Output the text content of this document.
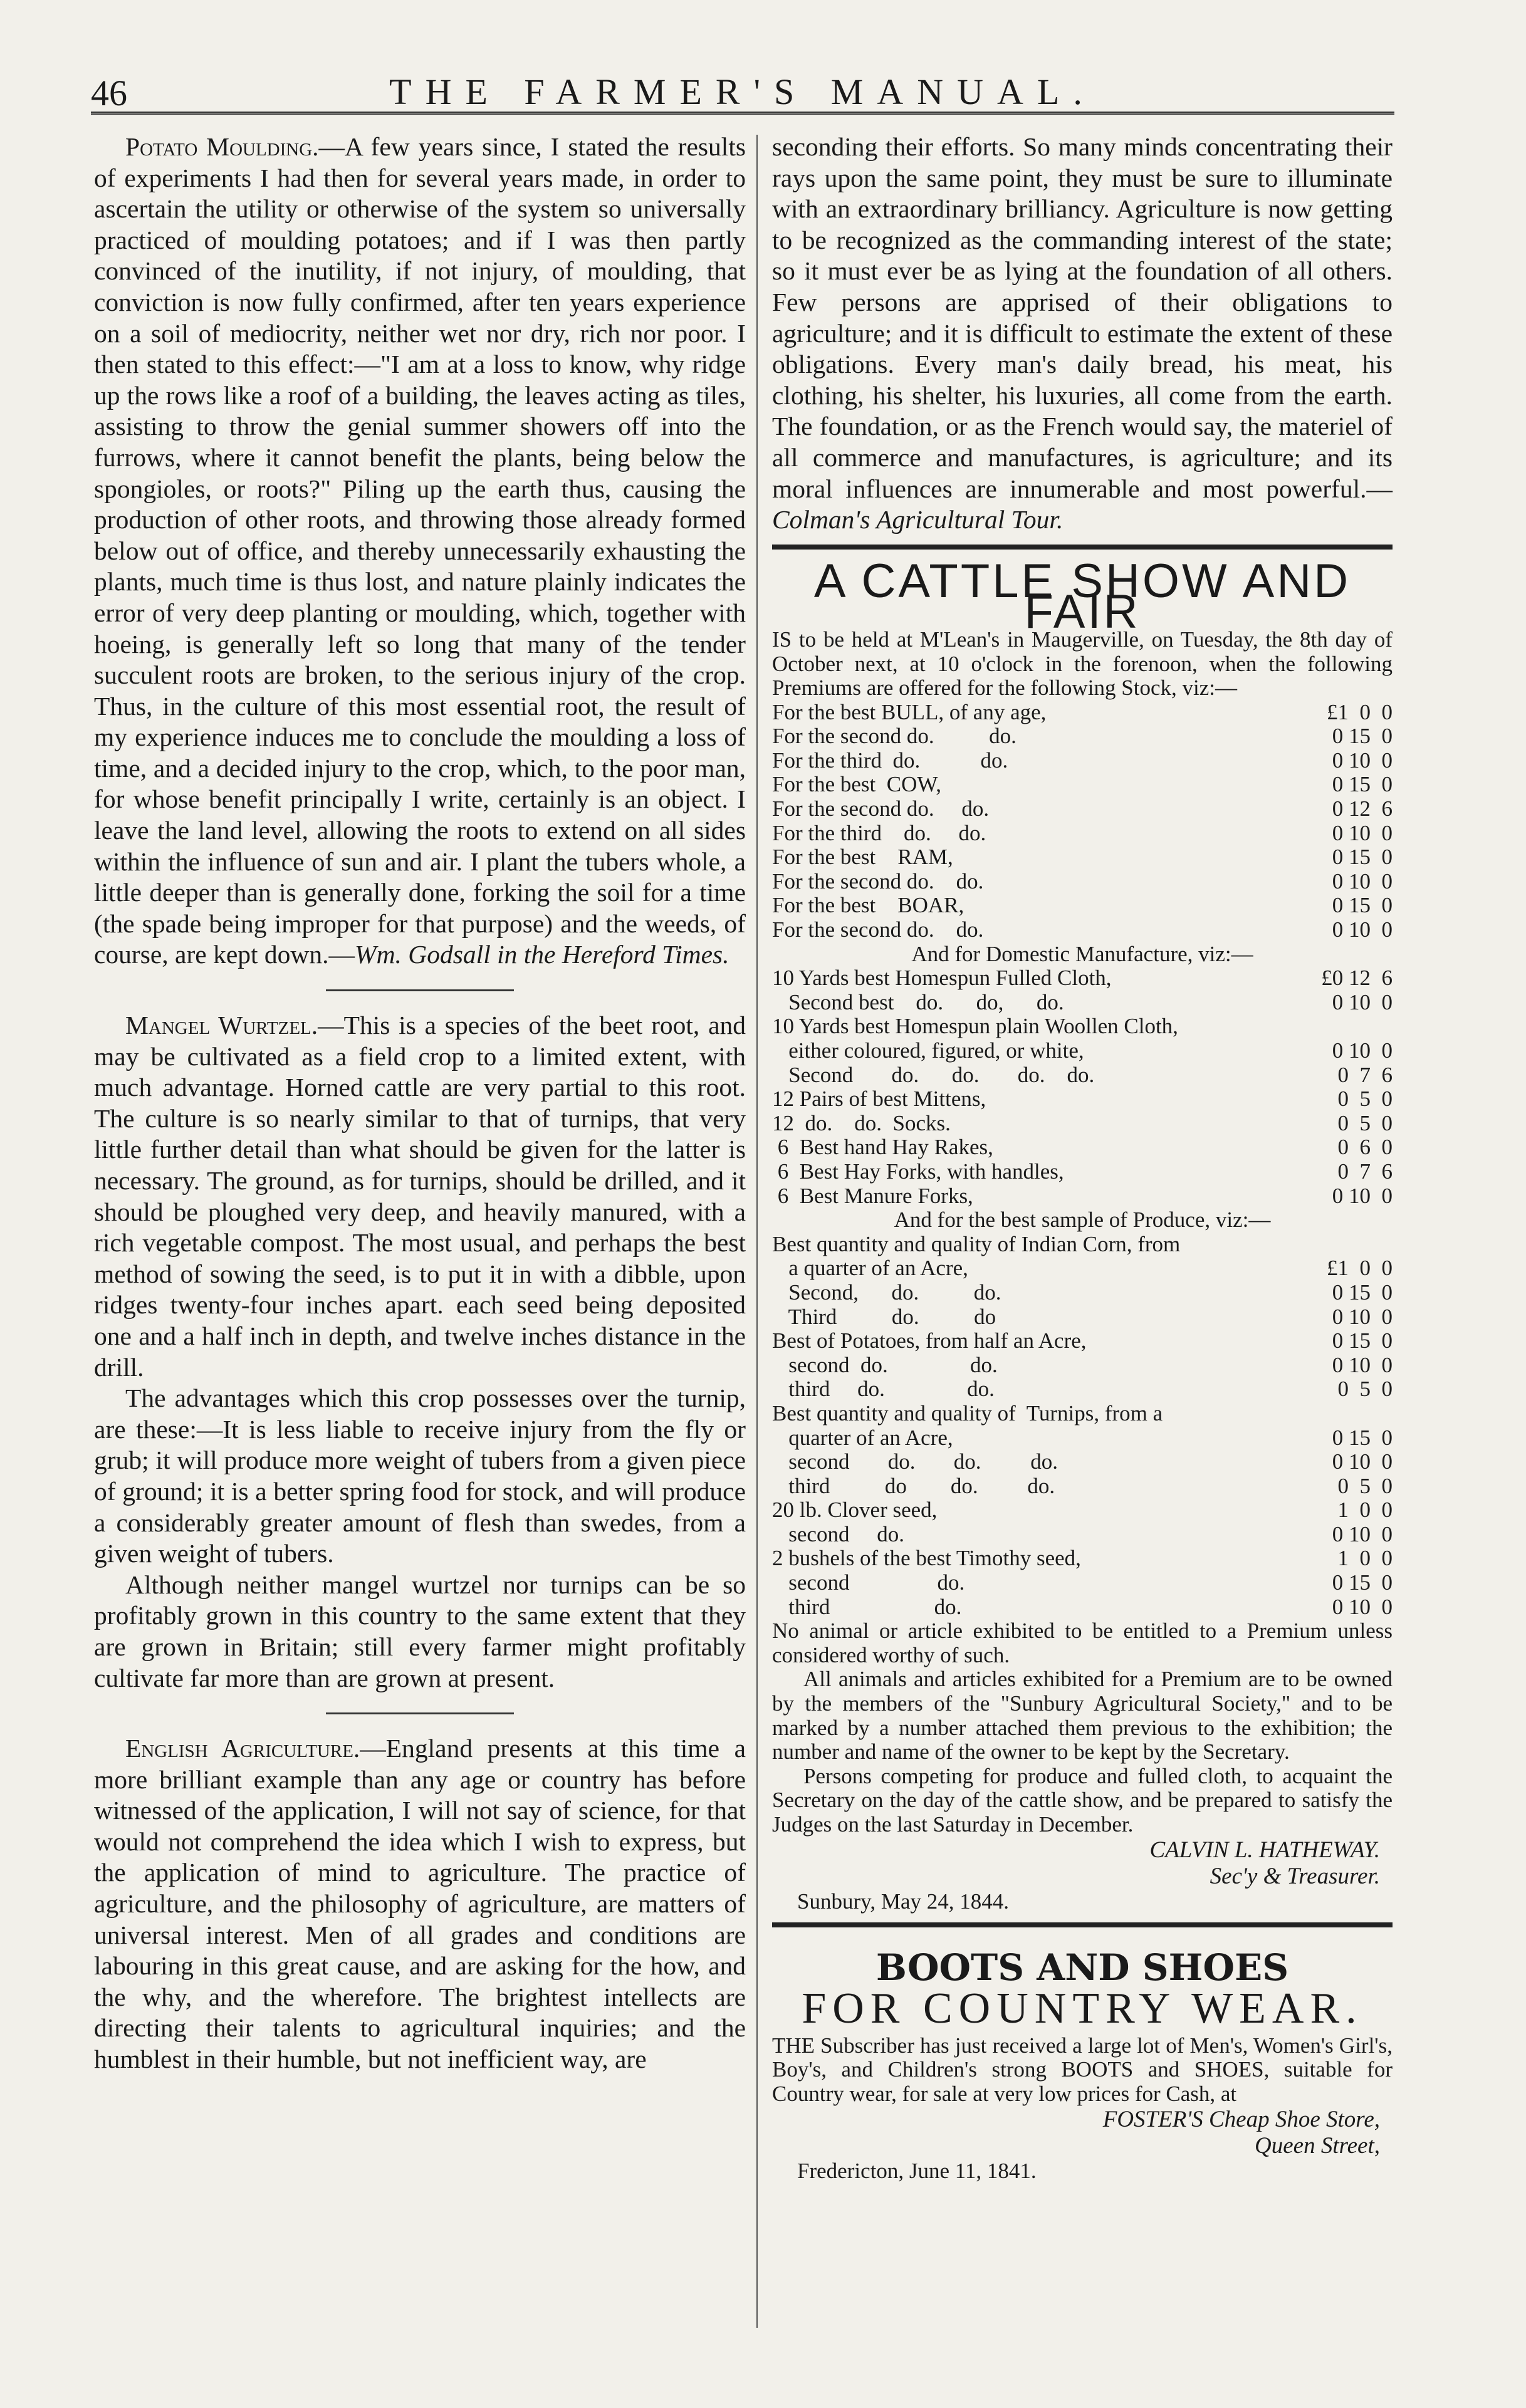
46	THE FARMER'S MANUAL.

Potato Moulding.—A few years since, I stated the results of experiments I had then for several years made, in order to ascertain the utility or otherwise of the system so universally practiced of moulding potatoes; and if I was then partly convinced of the inutility, if not injury, of moulding, that conviction is now fully confirmed, after ten years experience on a soil of mediocrity, neither wet nor dry, rich nor poor. I then stated to this effect:—"I am at a loss to know, why ridge up the rows like a roof of a building, the leaves acting as tiles, assisting to throw the genial summer showers off into the furrows, where it cannot benefit the plants, being below the spongioles, or roots?" Piling up the earth thus, causing the production of other roots, and throwing those already formed below out of office, and thereby unnecessarily exhausting the plants, much time is thus lost, and nature plainly indicates the error of very deep planting or moulding, which, together with hoeing, is generally left so long that many of the tender succulent roots are broken, to the serious injury of the crop. Thus, in the culture of this most essential root, the result of my experience induces me to conclude the moulding a loss of time, and a decided injury to the crop, which, to the poor man, for whose benefit principally I write, certainly is an object. I leave the land level, allowing the roots to extend on all sides within the influence of sun and air. I plant the tubers whole, a little deeper than is generally done, forking the soil for a time (the spade being improper for that purpose) and the weeds, of course, are kept down.—Wm. Godsall in the Hereford Times.

Mangel Wurtzel.—This is a species of the beet root, and may be cultivated as a field crop to a limited extent, with much advantage. Horned cattle are very partial to this root. The culture is so nearly similar to that of turnips, that very little further detail than what should be given for the latter is necessary. The ground, as for turnips, should be drilled, and it should be ploughed very deep, and heavily manured, with a rich vegetable compost. The most usual, and perhaps the best method of sowing the seed, is to put it in with a dibble, upon ridges twenty-four inches apart. each seed being deposited one and a half inch in depth, and twelve inches distance in the drill.

The advantages which this crop possesses over the turnip, are these:—It is less liable to receive injury from the fly or grub; it will produce more weight of tubers from a given piece of ground; it is a better spring food for stock, and will produce a considerably greater amount of flesh than swedes, from a given weight of tubers.

Although neither mangel wurtzel nor turnips can be so profitably grown in this country to the same extent that they are grown in Britain; still every farmer might profitably cultivate far more than are grown at present.

English Agriculture.—England presents at this time a more brilliant example than any age or country has before witnessed of the application, I will not say of science, for that would not comprehend the idea which I wish to express, but the application of mind to agriculture. The practice of agriculture, and the philosophy of agriculture, are matters of universal interest. Men of all grades and conditions are labouring in this great cause, and are asking for the how, and the why, and the wherefore. The brightest intellects are directing their talents to agricultural inquiries; and the humblest in their humble, but not inefficient way, are

seconding their efforts. So many minds concentrating their rays upon the same point, they must be sure to illuminate with an extraordinary brilliancy. Agriculture is now getting to be recognized as the commanding interest of the state; so it must ever be as lying at the foundation of all others. Few persons are apprised of their obligations to agriculture; and it is difficult to estimate the extent of these obligations. Every man's daily bread, his meat, his clothing, his shelter, his luxuries, all come from the earth. The foundation, or as the French would say, the materiel of all commerce and manufactures, is agriculture; and its moral influences are innumerable and most powerful.—Colman's Agricultural Tour.

A CATTLE SHOW AND FAIR

IS to be held at M'Lean's in Maugerville, on Tuesday, the 8th day of October next, at 10 o'clock in the forenoon, when the following Premiums are offered for the following Stock, viz:—

For the best BULL, of any age,	£1  0  0
For the second do.          do.	0 15  0
For the third  do.           do.	0 10  0
For the best  COW,	0 15  0
For the second do.     do.	0 12  6
For the third    do.     do.	0 10  0
For the best    RAM,	0 15  0
For the second do.    do.	0 10  0
For the best    BOAR,	0 15  0
For the second do.    do.	0 10  0
And for Domestic Manufacture, viz:—
10 Yards best Homespun Fulled Cloth,	£0 12  6
Second best    do.      do,      do.	0 10  0
10 Yards best Homespun plain Woollen Cloth,
either coloured, figured, or white,	0 10  0
Second       do.      do.       do.    do.	0  7  6
12 Pairs of best Mittens,	0  5  0
12  do.    do.  Socks.	0  5  0
6  Best hand Hay Rakes,	0  6  0
6  Best Hay Forks, with handles,	0  7  6
6  Best Manure Forks,	0 10  0
And for the best sample of Produce, viz:—
Best quantity and quality of Indian Corn, from
a quarter of an Acre,	£1  0  0
Second,      do.          do.	0 15  0
Third          do.          do	0 10  0
Best of Potatoes, from half an Acre,	0 15  0
second  do.               do.	0 10  0
third     do.               do.	0  5  0
Best quantity and quality of  Turnips, from a
quarter of an Acre,	0 15  0
second       do.       do.         do.	0 10  0
third          do        do.         do.	0  5  0
20 lb. Clover seed,	1  0  0
second     do.	0 10  0
2 bushels of the best Timothy seed,	1  0  0
second                do.	0 15  0
third                   do.	0 10  0

No animal or article exhibited to be entitled to a Premium unless considered worthy of such.

All animals and articles exhibited for a Premium are to be owned by the members of the "Sunbury Agricultural Society," and to be marked by a number attached them previous to the exhibition; the number and name of the owner to be kept by the Secretary.

Persons competing for produce and fulled cloth, to acquaint the Secretary on the day of the cattle show, and be prepared to satisfy the Judges on the last Saturday in December.

CALVIN L. HATHEWAY.
Sec'y & Treasurer.
Sunbury, May 24, 1844.
BOOTS AND SHOES
FOR COUNTRY WEAR.

THE Subscriber has just received a large lot of Men's, Women's Girl's, Boy's, and Children's strong BOOTS and SHOES, suitable for Country wear, for sale at very low prices for Cash, at

FOSTER'S Cheap Shoe Store,
Queen Street,
Fredericton, June 11, 1841.
